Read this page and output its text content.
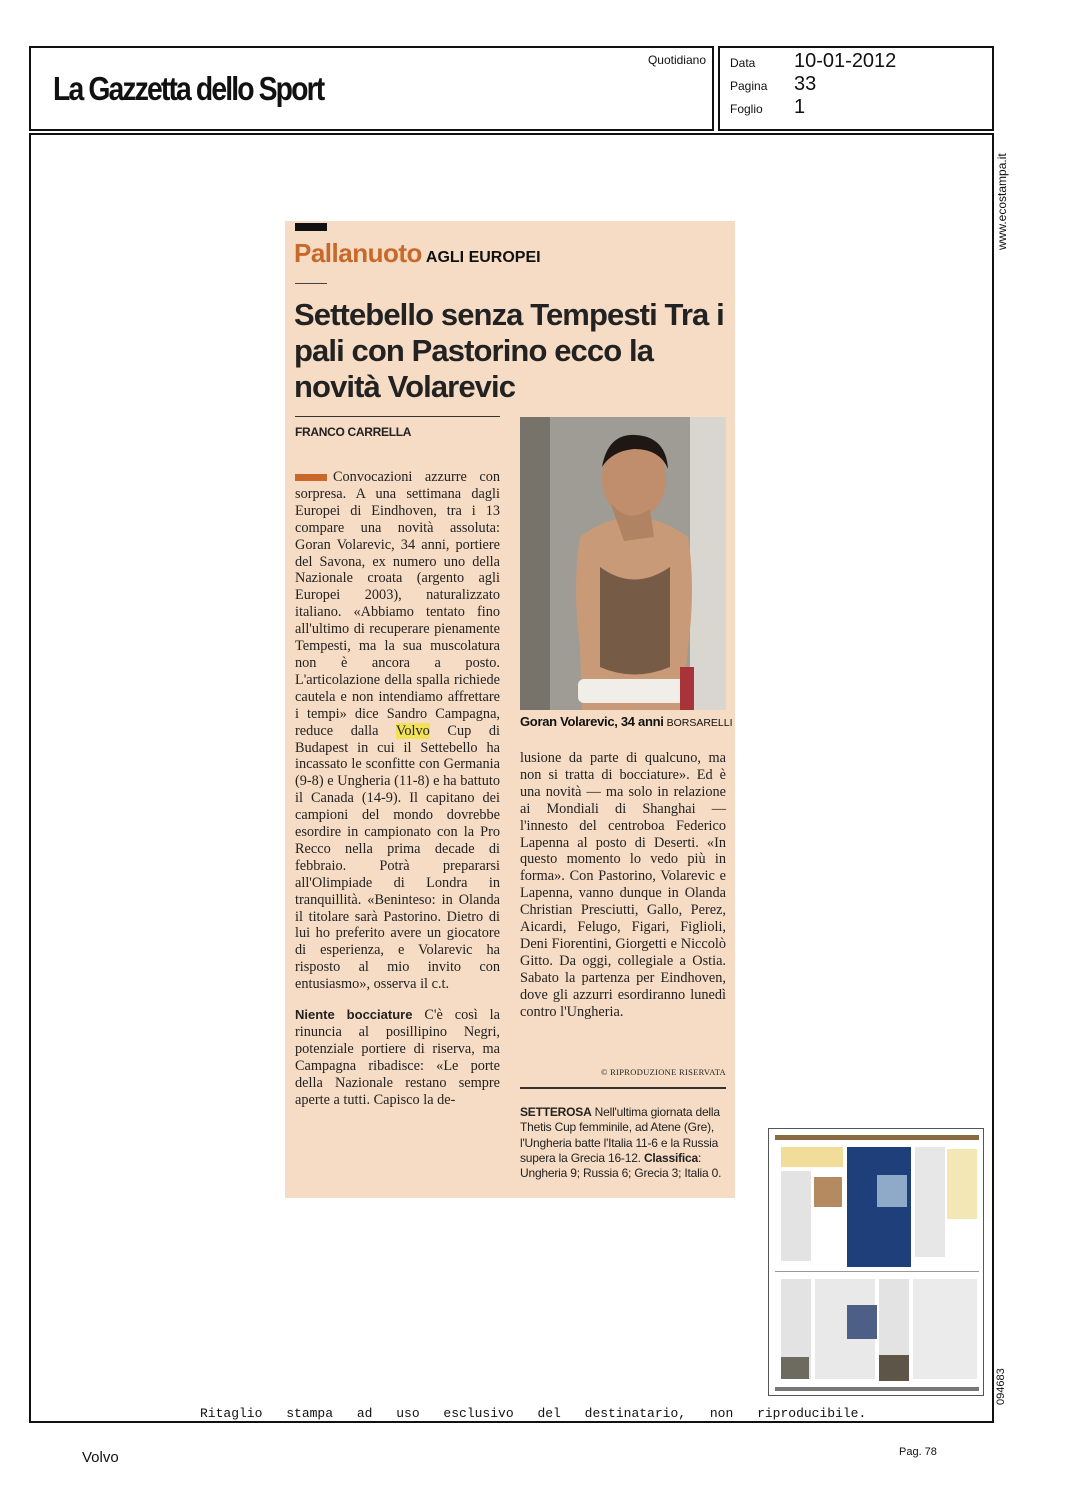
La Gazzetta dello Sport
Quotidiano Data 10-01-2012
Pagina 33
Foglio 1
www.ecostampa.it
094683
Ritaglio stampa ad uso esclusivo del destinatario, non riproducibile.
Pallanuoto AGLI EUROPEI
Settebello senza Tempesti Tra i pali con Pastorino ecco la novità Volarevic
FRANCO CARRELLA

Convocazioni azzurre con sorpresa. A una settimana dagli Europei di Eindhoven, tra i 13 compare una novità assoluta: Goran Volarevic, 34 anni, portiere del Savona, ex numero uno della Nazionale croata (argento agli Europei 2003), naturalizzato italiano. «Abbiamo tentato fino all'ultimo di recuperare pienamente Tempesti, ma la sua muscolatura non è ancora a posto. L'articolazione della spalla richiede cautela e non intendiamo affrettare i tempi» dice Sandro Campagna, reduce dalla Volvo Cup di Budapest in cui il Settebello ha incassato le sconfitte con Germania (9-8) e Ungheria (11-8) e ha battuto il Canada (14-9). Il capitano dei campioni del mondo dovrebbe esordire in campionato con la Pro Recco nella prima decade di febbraio. Potrà prepararsi all'Olimpiade di Londra in tranquillità. «Beninteso: in Olanda il titolare sarà Pastorino. Dietro di lui ho preferito avere un giocatore di esperienza, e Volarevic ha risposto al mio invito con entusiasmo», osserva il c.t.

Niente bocciature C'è così la rinuncia al posillipino Negri, potenziale portiere di riserva, ma Campagna ribadisce: «Le porte della Nazionale restano sempre aperte a tutti. Capisco la de-

Goran Volarevic, 34 anni BORSARELLI

lusione da parte di qualcuno, ma non si tratta di bocciature». Ed è una novità — ma solo in relazione ai Mondiali di Shanghai — l'innesto del centroboa Federico Lapenna al posto di Deserti. «In questo momento lo vedo più in forma». Con Pastorino, Volarevic e Lapenna, vanno dunque in Olanda Christian Presciutti, Gallo, Perez, Aicardi, Felugo, Figari, Figlioli, Deni Fiorentini, Giorgetti e Niccolò Gitto. Da oggi, collegiale a Ostia. Sabato la partenza per Eindhoven, dove gli azzurri esordiranno lunedì contro l'Ungheria.

© RIPRODUZIONE RISERVATA
SETTEROSA Nell'ultima giornata della Thetis Cup femminile, ad Atene (Gre), l'Ungheria batte l'Italia 11-6 e la Russia supera la Grecia 16-12. Classifica: Ungheria 9; Russia 6; Grecia 3; Italia 0.
Volvo	Pag. 78
